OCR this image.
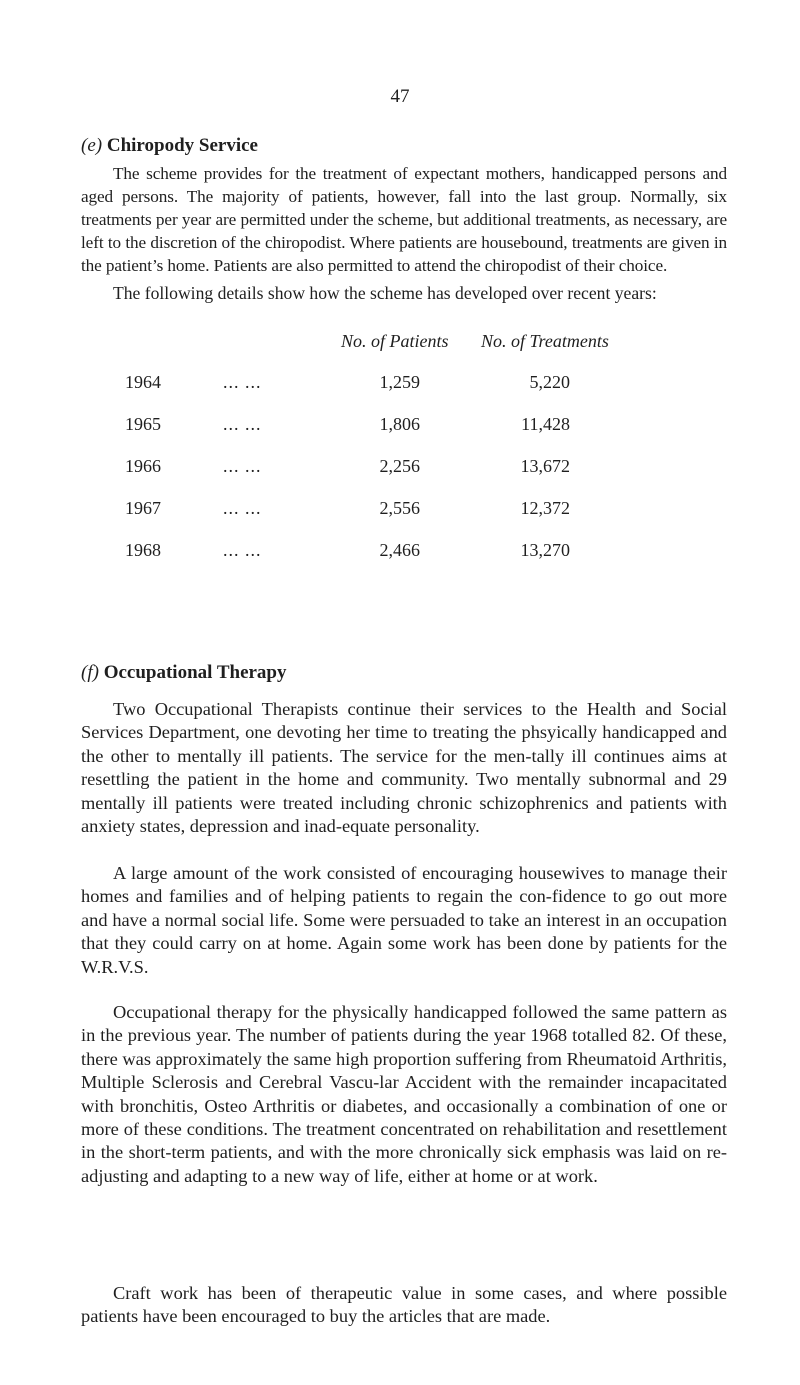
47
(e) Chiropody Service

The scheme provides for the treatment of expectant mothers, handicapped persons and aged persons. The majority of patients, however, fall into the last group. Normally, six treatments per year are permitted under the scheme, but additional treatments, as necessary, are left to the discretion of the chiropodist. Where patients are housebound, treatments are given in the patient’s home. Patients are also permitted to attend the chiropodist of their choice.

The following details show how the scheme has developed over recent years:

No. of Patients No. of Treatments
1964	... ...	1,259	5,220
1965	... ...	1,806	11,428
1966	... ...	2,256	13,672
1967	... ...	2,556	12,372
1968	... ...	2,466	13,270
(f) Occupational Therapy

Two Occupational Therapists continue their services to the Health and Social Services Department, one devoting her time to treating the phsyically handicapped and the other to mentally ill patients. The service for the men-tally ill continues aims at resettling the patient in the home and community. Two mentally subnormal and 29 mentally ill patients were treated including chronic schizophrenics and patients with anxiety states, depression and inad-equate personality.

A large amount of the work consisted of encouraging housewives to manage their homes and families and of helping patients to regain the con-fidence to go out more and have a normal social life. Some were persuaded to take an interest in an occupation that they could carry on at home. Again some work has been done by patients for the W.R.V.S.

Occupational therapy for the physically handicapped followed the same pattern as in the previous year. The number of patients during the year 1968 totalled 82. Of these, there was approximately the same high proportion suffering from Rheumatoid Arthritis, Multiple Sclerosis and Cerebral Vascu-lar Accident with the remainder incapacitated with bronchitis, Osteo Arthritis or diabetes, and occasionally a combination of one or more of these conditions. The treatment concentrated on rehabilitation and resettlement in the short-term patients, and with the more chronically sick emphasis was laid on re-adjusting and adapting to a new way of life, either at home or at work.

Craft work has been of therapeutic value in some cases, and where possible patients have been encouraged to buy the articles that are made.
